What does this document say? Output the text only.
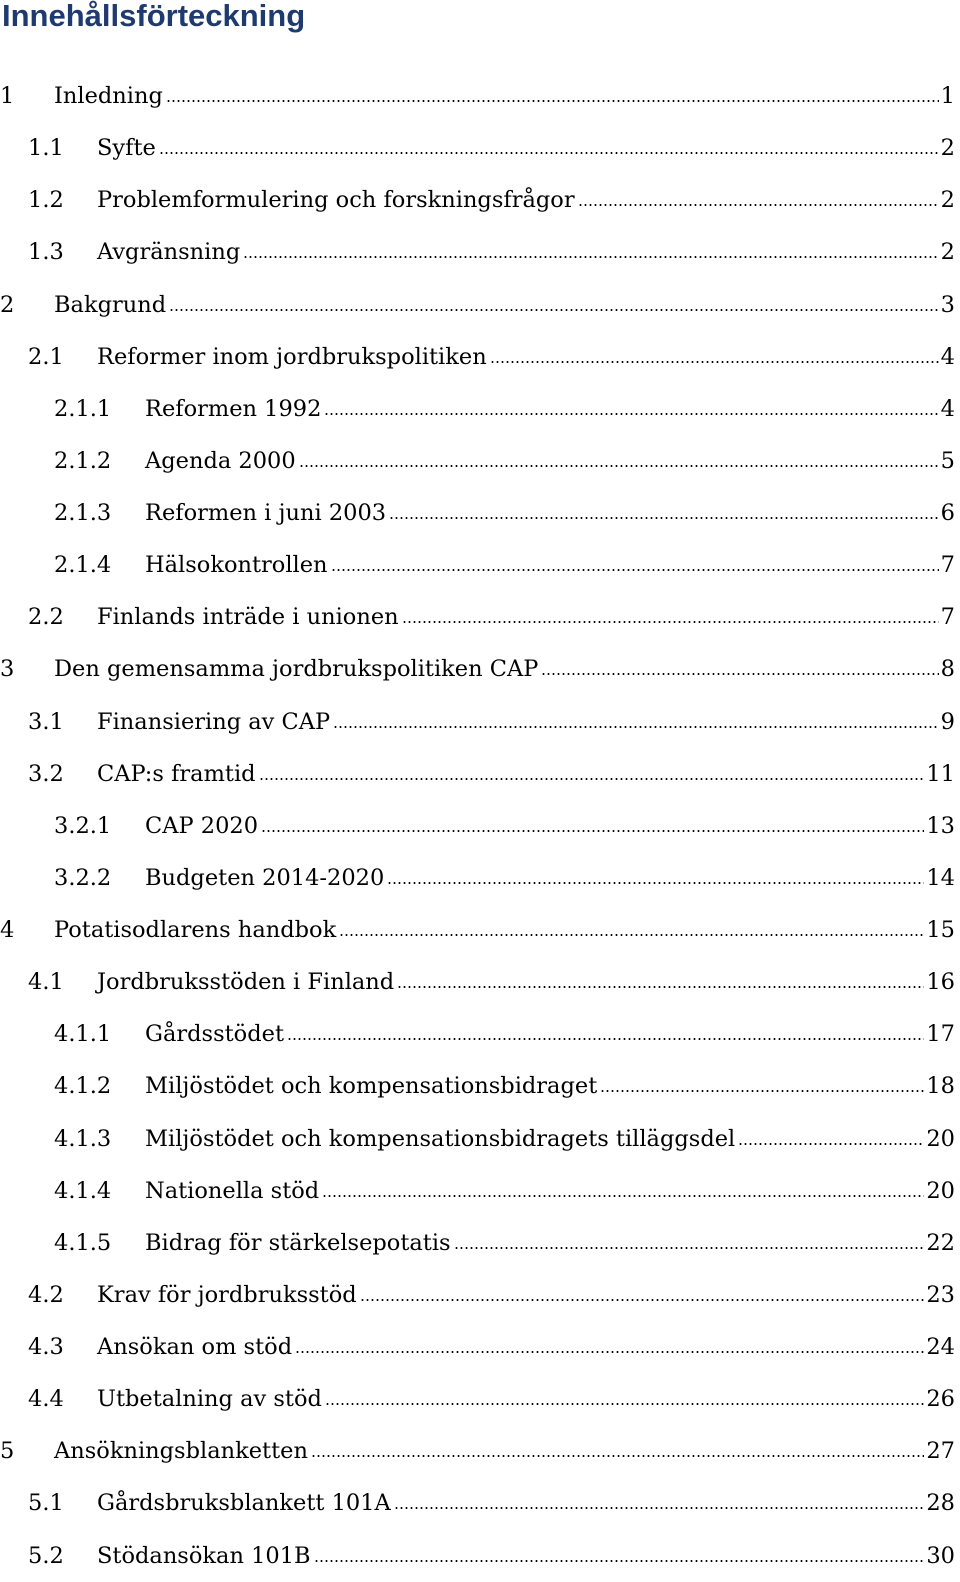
Innehållsförteckning
1	Inledning	1
1.1	Syfte	2
1.2	Problemformulering och forskningsfrågor	2
1.3	Avgränsning	2
2	Bakgrund	3
2.1	Reformer inom jordbrukspolitiken	4
2.1.1	Reformen 1992	4
2.1.2	Agenda 2000	5
2.1.3	Reformen i juni 2003	6
2.1.4	Hälsokontrollen	7
2.2	Finlands inträde i unionen	7
3	Den gemensamma jordbrukspolitiken CAP	8
3.1	Finansiering av CAP	9
3.2	CAP:s framtid	11
3.2.1	CAP 2020	13
3.2.2	Budgeten 2014-2020	14
4	Potatisodlarens handbok	15
4.1	Jordbruksstöden i Finland	16
4.1.1	Gårdsstödet	17
4.1.2	Miljöstödet och kompensationsbidraget	18
4.1.3	Miljöstödet och kompensationsbidragets tilläggsdel	20
4.1.4	Nationella stöd	20
4.1.5	Bidrag för stärkelsepotatis	22
4.2	Krav för jordbruksstöd	23
4.3	Ansökan om stöd	24
4.4	Utbetalning av stöd	26
5	Ansökningsblanketten	27
5.1	Gårdsbruksblankett 101A	28
5.2	Stödansökan 101B	30
